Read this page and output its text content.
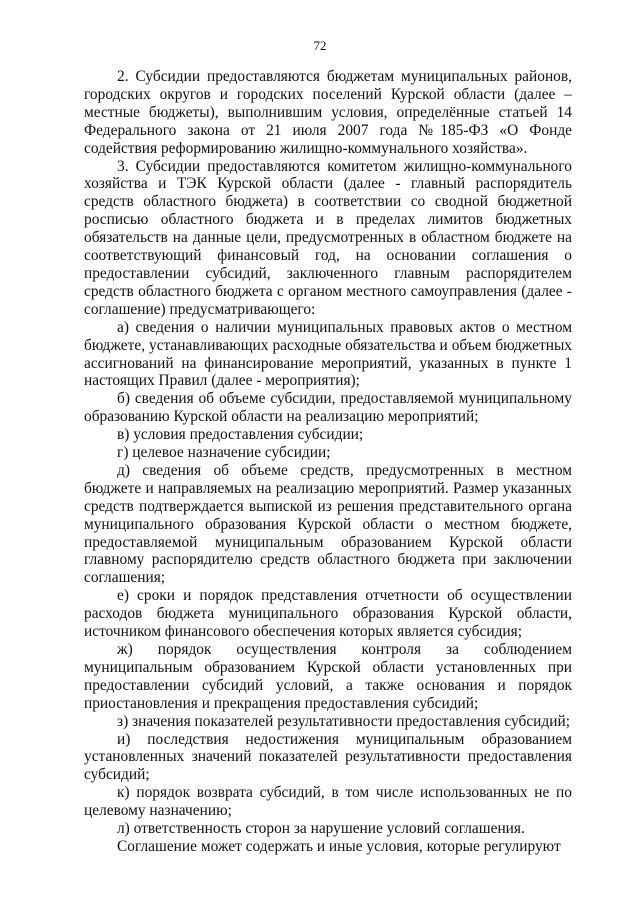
72

2. Субсидии предоставляются бюджетам муниципальных районов, городских округов и городских поселений Курской области (далее – местные бюджеты), выполнившим условия, определённые статьей 14 Федерального закона от 21 июля 2007 года №185-ФЗ «О Фонде содействия реформированию жилищно-коммунального хозяйства».

3. Субсидии предоставляются комитетом жилищно-коммунального хозяйства и ТЭК Курской области (далее - главный распорядитель средств областного бюджета) в соответствии со сводной бюджетной росписью областного бюджета и в пределах лимитов бюджетных обязательств на данные цели, предусмотренных в областном бюджете на соответствующий финансовый год, на основании соглашения о предоставлении субсидий, заключенного главным распорядителем средств областного бюджета с органом местного самоуправления (далее - соглашение) предусматривающего:

а) сведения о наличии муниципальных правовых актов о местном бюджете, устанавливающих расходные обязательства и объем бюджетных ассигнований на финансирование мероприятий, указанных в пункте 1 настоящих Правил (далее - мероприятия);

б) сведения об объеме субсидии, предоставляемой муниципальному образованию Курской области на реализацию мероприятий;

в) условия предоставления субсидии;

г) целевое назначение субсидии;

д) сведения об объеме средств, предусмотренных в местном бюджете и направляемых на реализацию мероприятий. Размер указанных средств подтверждается выпиской из решения представительного органа муниципального образования Курской области о местном бюджете, предоставляемой муниципальным образованием Курской области главному распорядителю средств областного бюджета при заключении соглашения;

е) сроки и порядок представления отчетности об осуществлении расходов бюджета муниципального образования Курской области, источником финансового обеспечения которых является субсидия;

ж) порядок осуществления контроля за соблюдением муниципальным образованием Курской области установленных при предоставлении субсидий условий, а также основания и порядок приостановления и прекращения предоставления субсидий;

з) значения показателей результативности предоставления субсидий;

и) последствия недостижения муниципальным образованием установленных значений показателей результативности предоставления субсидий;

к) порядок возврата субсидий, в том числе использованных не по целевому назначению;

л) ответственность сторон за нарушение условий соглашения.

Соглашение может содержать и иные условия, которые регулируют
